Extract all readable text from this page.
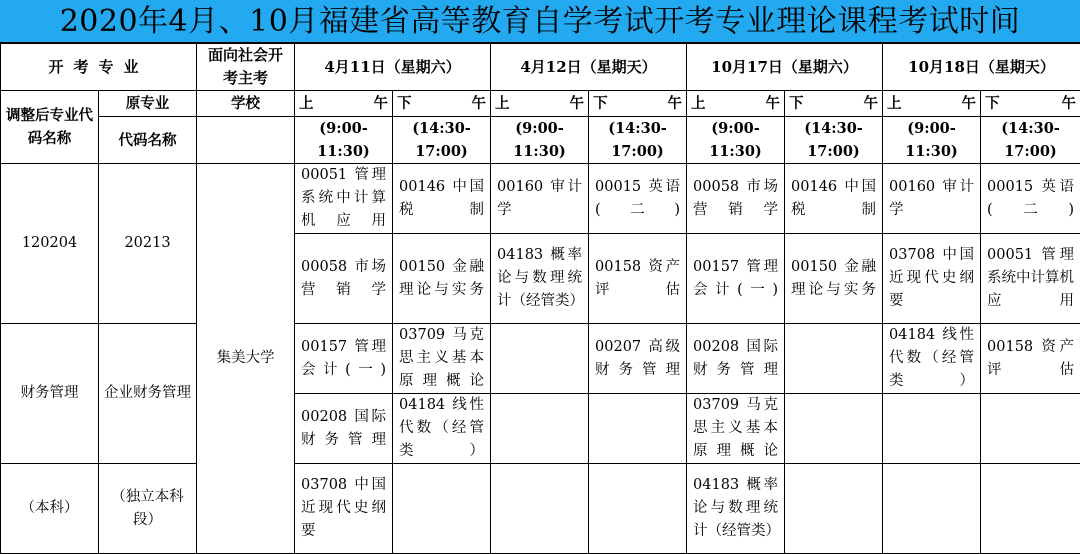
2020年4月、10月福建省高等教育自学考试开考专业理论课程考试时间
开考专业		面向社会开考主考	4月11日（星期六）		4月12日（星期天）		10月17日（星期六）		10月18日（星期天）	
调整后专业代码名称	原专业	学校	上 午	下 午	上 午	下 午	上 午	下 午	上 午	下 午
	代码名称		(9:00-11:30)	(14:30-17:00)	(9:00-11:30)	(14:30-17:00)	(9:00-11:30)	(14:30-17:00)	(9:00-11:30)	(14:30-17:00)
120204	20213	集美大学	00051 管理系统中计算机应用	00146 中国税制	00160 审计学	00015 英语(二)	00058 市场营销学	00146 中国税制	00160 审计学	00015 英语(二)
			00058 市场营销学	00150 金融理论与实务	04183 概率论与数理统计（经管类）	00158 资产评估	00157 管理会计(一)	00150 金融理论与实务	03708 中国近现代史纲要	00051 管理系统中计算机应用
财务管理	企业财务管理		00157 管理会计(一)	03709 马克思主义基本原理概论		00207 高级财务管理	00208 国际财务管理		04184 线性代数（经管类）	00158 资产评估
			00208 国际财务管理	04184 线性代数（经管类）			03709 马克思主义基本原理概论			
（本科）	（独立本科段）		03708 中国近现代史纲要				04183 概率论与数理统计（经管类）			
